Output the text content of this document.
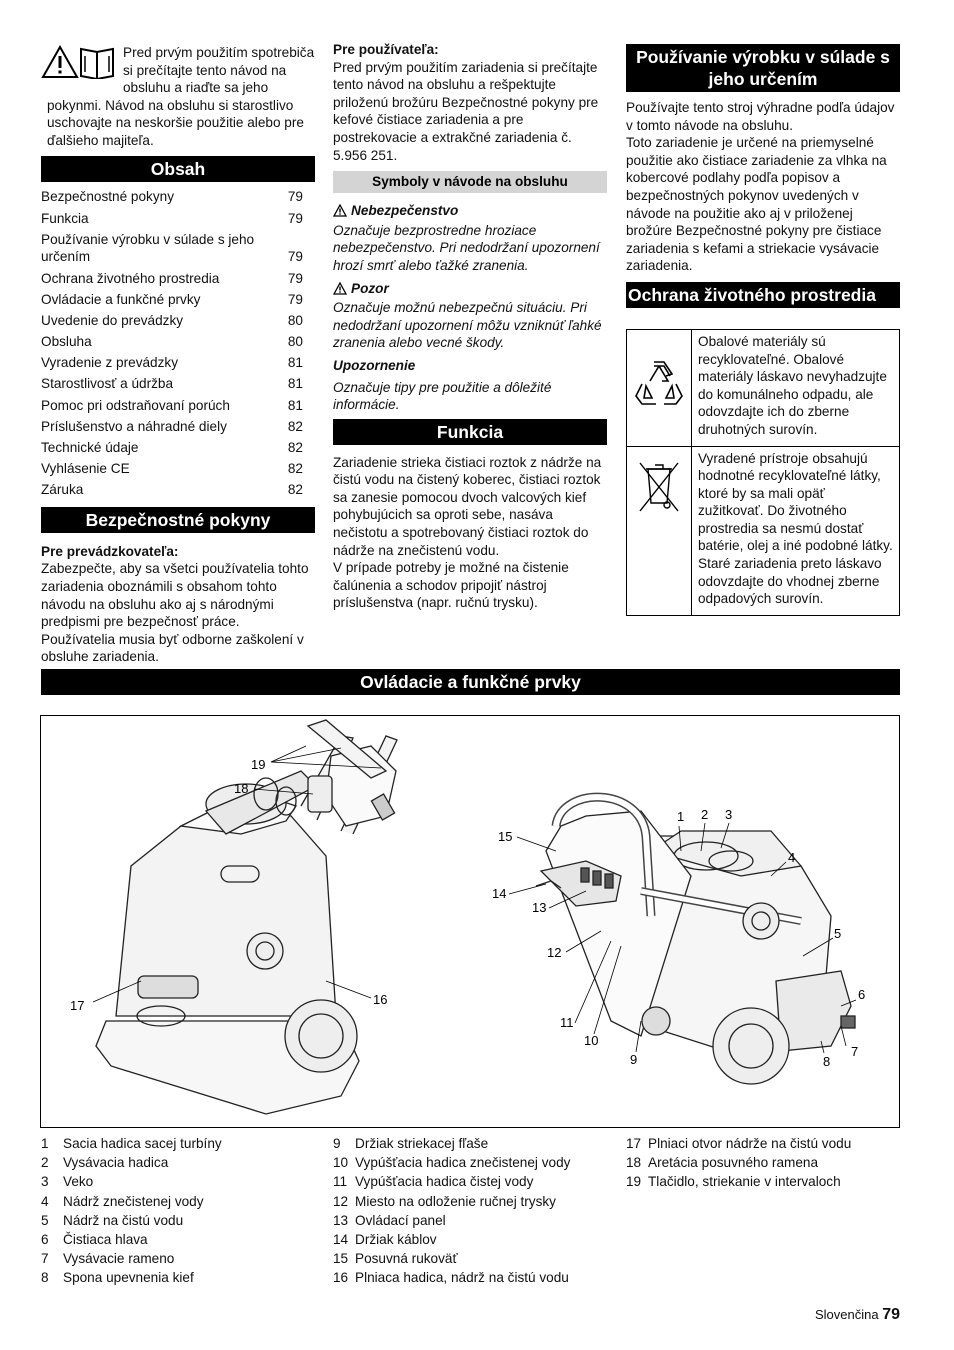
Pred prvým použitím spotrebiča si prečítajte tento návod na obsluhu a riaďte sa jeho pokynmi. Návod na obsluhu si starostlivo uschovajte na neskoršie použitie alebo pre ďalšieho majiteľa.

Obsah
Bezpečnostné pokyny	79
Funkcia	79
Používanie výrobku v súlade s jeho určením	79
Ochrana životného prostredia	79
Ovládacie a funkčné prvky	79
Uvedenie do prevádzky	80
Obsluha	80
Vyradenie z prevádzky	81
Starostlivosť a údržba	81
Pomoc pri odstraňovaní porúch	81
Príslušenstvo a náhradné diely	82
Technické údaje	82
Vyhlásenie CE	82
Záruka	82
Bezpečnostné pokyny

Pre prevádzkovateľa:

Zabezpečte, aby sa všetci používatelia tohto zariadenia oboznámili s obsahom tohto návodu na obsluhu ako aj s národnými predpismi pre bezpečnosť práce. Používatelia musia byť odborne zaškolení v obsluhe zariadenia.

Pre používateľa:

Pred prvým použitím zariadenia si prečítajte tento návod na obsluhu a rešpektujte priloženú brožúru Bezpečnostné pokyny pre kefové čistiace zariadenia a pre postrekovacie a extrakčné zariadenia č. 5.956 251.

Symboly v návode na obsluhu

Nebezpečenstvo

Označuje bezprostredne hroziace nebezpečenstvo. Pri nedodržaní upozornení hrozí smrť alebo ťažké zranenia.

Pozor

Označuje možnú nebezpečnú situáciu. Pri nedodržaní upozornení môžu vzniknúť ľahké zranenia alebo vecné škody.

Upozornenie

Označuje tipy pre použitie a dôležité informácie.

Funkcia

Zariadenie strieka čistiaci roztok z nádrže na čistú vodu na čistený koberec, čistiaci roztok sa zanesie pomocou dvoch valcových kief pohybujúcich sa oproti sebe, nasáva nečistotu a spotrebovaný čistiaci roztok do nádrže na znečistenú vodu.

V prípade potreby je možné na čistenie čalúnenia a schodov pripojiť nástroj príslušenstva (napr. ručnú trysku).

Používanie výrobku v súlade s jeho určením

Používajte tento stroj výhradne podľa údajov v tomto návode na obsluhu.

Toto zariadenie je určené na priemyselné použitie ako čistiace zariadenie za vlhka na kobercové podlahy podľa popisov a bezpečnostných pokynov uvedených v návode na použitie ako aj v priloženej brožúre Bezpečnostné pokyny pre čistiace zariadenia s kefami a striekacie vysávacie zariadenia.

Ochrana životného prostredia
	Obalové materiály sú recyklovateľné. Obalové materiály láskavo nevyhadzujte do komunálneho odpadu, ale odovzdajte ich do zberne druhotných surovín.
	Vyradené prístroje obsahujú hodnotné recyklovateľné látky, ktoré by sa mali opäť zužitkovať. Do životného prostredia sa nesmú dostať batérie, olej a iné podobné látky. Staré zariadenia preto láskavo odovzdajte do vhodnej zberne odpadových surovín.
Ovládacie a funkčné prvky
1 2 3
4
5
6
7
8
9
10
11
12
13
14
15
16
17
18
19
1	Sacia hadica sacej turbíny
2	Vysávacia hadica
3	Veko
4	Nádrž znečistenej vody
5	Nádrž na čistú vodu
6	Čistiaca hlava
7	Vysávacie rameno
8	Spona upevnenia kief
9	Držiak striekacej fľaše
10 Vypúšťacia hadica znečistenej vody
11 Vypúšťacia hadica čistej vody
12 Miesto na odloženie ručnej trysky
13 Ovládací panel
14 Držiak káblov
15 Posuvná rukoväť
16 Plniaca hadica, nádrž na čistú vodu
17 Plniaci otvor nádrže na čistú vodu
18 Aretácia posuvného ramena
19 Tlačidlo, striekanie v intervaloch
Slovenčina 79
